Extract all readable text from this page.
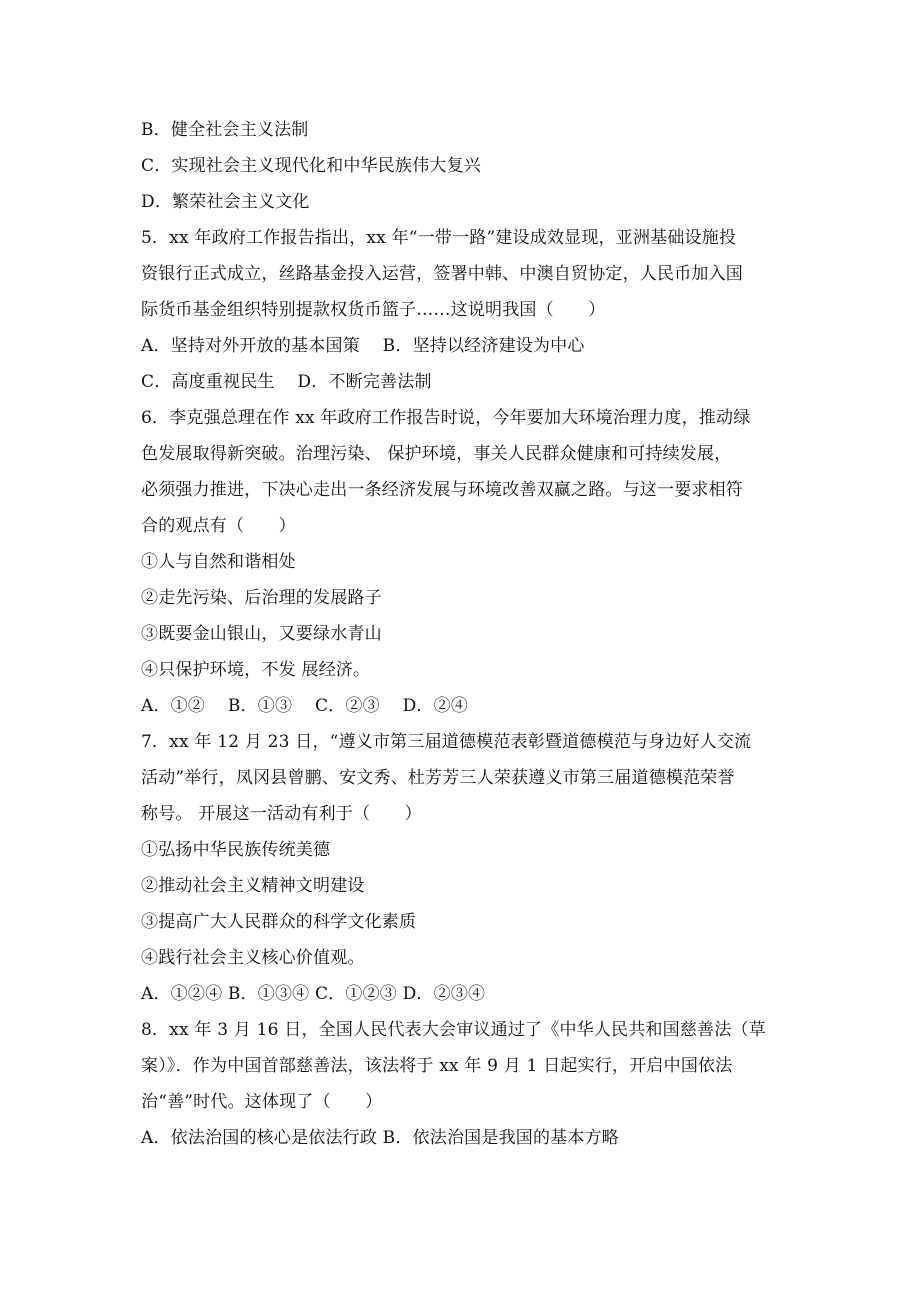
B．健全社会主义法制
C．实现社会主义现代化和中华民族伟大复兴
D．繁荣社会主义文化
5．xx 年政府工作报告指出，xx 年“一带一路”建设成效显现，亚洲基础设施投
资银行正式成立，丝路基金投入运营，签署中韩、中澳自贸协定，人民币加入国
际货币基金组织特别提款权货币篮子……这说明我国（　　）
A．坚持对外开放的基本国策　 B．坚持以经济建设为中心
C．高度重视民生　 D．不断完善法制
6．李克强总理在作 xx 年政府工作报告时说，今年要加大环境治理力度，推动绿
色发展取得新突破。治理污染、 保护环境，事关人民群众健康和可持续发展，
必须强力推进，下决心走出一条经济发展与环境改善双赢之路。与这一要求相符
合的观点有（　　）
①人与自然和谐相处
②走先污染、后治理的发展路子
③既要金山银山，又要绿水青山
④只保护环境，不发 展经济。
A．①②　 B．①③　 C．②③　 D．②④
7．xx 年 12 月 23 日，“遵义市第三届道德模范表彰暨道德模范与身边好人交流
活动”举行，凤冈县曾鹏、安文秀、杜芳芳三人荣获遵义市第三届道德模范荣誉
称号。 开展这一活动有利于（　　）
①弘扬中华民族传统美德
②推动社会主义精神文明建设
③提高广大人民群众的科学文化素质
④践行社会主义核心价值观。
A．①②④ B．①③④ C．①②③ D．②③④
8．xx 年 3 月 16 日，全国人民代表大会审议通过了《中华人民共和国慈善法（草
案）》．作为中国首部慈善法，该法将于 xx 年 9 月 1 日起实行，开启中国依法
治“善”时代。这体现了（　　）
A．依法治国的核心是依法行政 B．依法治国是我国的基本方略
